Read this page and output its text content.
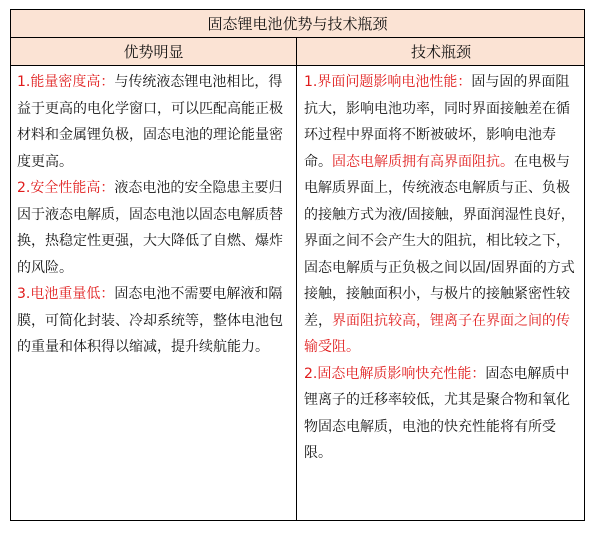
固态锂电池优势与技术瓶颈
优势明显	技术瓶颈

1.能量密度高：与传统液态锂电池相比，得益于更高的电化学窗口，可以匹配高能正极材料和金属锂负极，固态电池的理论能量密度更高。

2.安全性能高：液态电池的安全隐患主要归因于液态电解质，固态电池以固态电解质替换，热稳定性更强，大大降低了自燃、爆炸的风险。

3.电池重量低：固态电池不需要电解液和隔膜，可简化封装、冷却系统等，整体电池包的重量和体积得以缩减，提升续航能力。

1.界面问题影响电池性能：固与固的界面阻抗大，影响电池功率，同时界面接触差在循环过程中界面将不断被破坏，影响电池寿命。固态电解质拥有高界面阻抗。在电极与电解质界面上，传统液态电解质与正、负极的接触方式为液/固接触，界面润湿性良好，界面之间不会产生大的阻抗，相比较之下，固态电解质与正负极之间以固/固界面的方式接触，接触面积小，与极片的接触紧密性较差，界面阻抗较高，锂离子在界面之间的传输受阻。

2.固态电解质影响快充性能：固态电解质中锂离子的迁移率较低，尤其是聚合物和氧化物固态电解质，电池的快充性能将有所受限。
